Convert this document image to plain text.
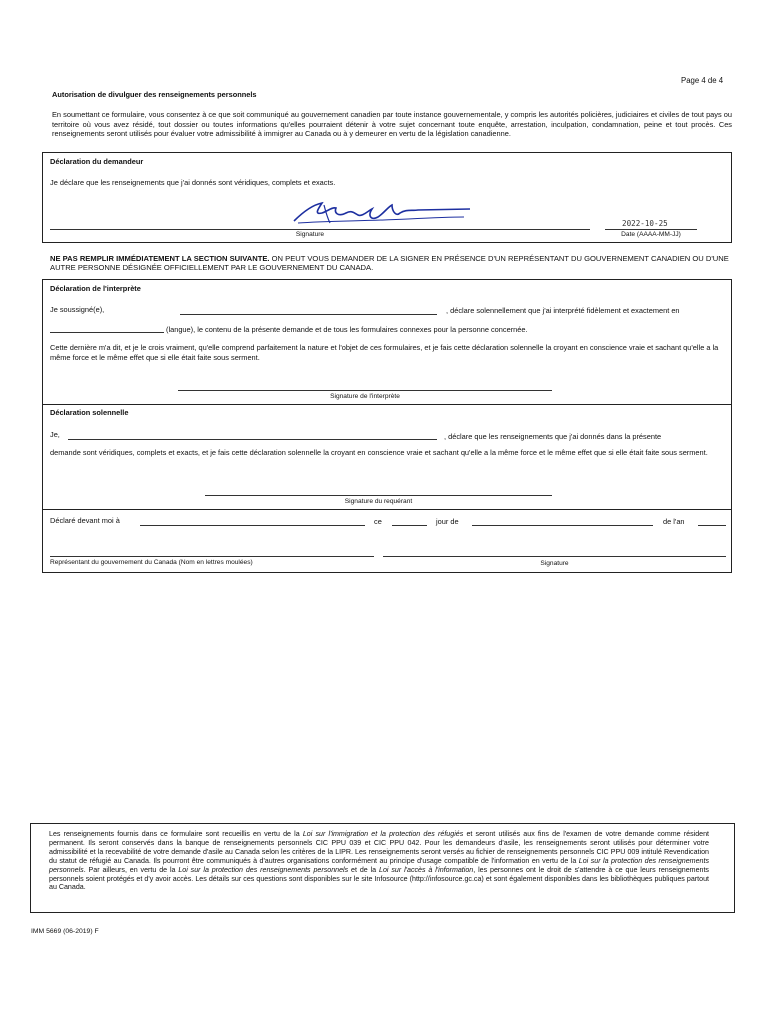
Page 4 de 4
Autorisation de divulguer des renseignements personnels
En soumettant ce formulaire, vous consentez à ce que soit communiqué au gouvernement canadien par toute instance gouvernementale, y compris les autorités policières, judiciaires et civiles de tout pays ou territoire où vous avez résidé, tout dossier ou toutes informations qu'elles pourraient détenir à votre sujet concernant toute enquête, arrestation, inculpation, condamnation, peine et tout procès. Ces renseignements seront utilisés pour évaluer votre admissibilité à immigrer au Canada ou à y demeurer en vertu de la législation canadienne.
Déclaration du demandeur
Je déclare que les renseignements que j'ai donnés sont véridiques, complets et exacts.
Signature
2022-10-25
Date (AAAA-MM-JJ)
NE PAS REMPLIR IMMÉDIATEMENT LA SECTION SUIVANTE. ON PEUT VOUS DEMANDER DE LA SIGNER EN PRÉSENCE D'UN REPRÉSENTANT DU GOUVERNEMENT CANADIEN OU D'UNE AUTRE PERSONNE DÉSIGNÉE OFFICIELLEMENT PAR LE GOUVERNEMENT DU CANADA.
Déclaration de l'interprète
Je soussigné(e),	, déclare solennellement que j'ai interprété fidèlement et exactement en
(langue), le contenu de la présente demande et de tous les formulaires connexes pour la personne concernée.
Cette dernière m'a dit, et je le crois vraiment, qu'elle comprend parfaitement la nature et l'objet de ces formulaires, et je fais cette déclaration solennelle la croyant en conscience vraie et sachant qu'elle a la même force et le même effet que si elle était faite sous serment.
Signature de l'interprète
Déclaration solennelle
Je,	, déclare que les renseignements que j'ai donnés dans la présente
demande sont véridiques, complets et exacts, et je fais cette déclaration solennelle la croyant en conscience vraie et sachant qu'elle a la même force et le même effet que si elle était faite sous serment.
Signature du requérant
Déclaré devant moi à	ce	jour de	de l'an
Représentant du gouvernement du Canada (Nom en lettres moulées)	Signature
Les renseignements fournis dans ce formulaire sont recueillis en vertu de la Loi sur l'immigration et la protection des réfugiés et seront utilisés aux fins de l'examen de votre demande comme résident permanent. Ils seront conservés dans la banque de renseignements personnels CIC PPU 039 et CIC PPU 042. Pour les demandeurs d'asile, les renseignements seront utilisés pour déterminer votre admissibilité et la recevabilité de votre demande d'asile au Canada selon les critères de la LIPR. Les renseignements seront versés au fichier de renseignements personnels CIC PPU 009 intitulé Revendication du statut de réfugié au Canada. Ils pourront être communiqués à d'autres organisations conformément au principe d'usage compatible de l'information en vertu de la Loi sur la protection des renseignements personnels. Par ailleurs, en vertu de la Loi sur la protection des renseignements personnels et de la Loi sur l'accès à l'information, les personnes ont le droit de s'attendre à ce que leurs renseignements personnels soient protégés et d'y avoir accès. Les détails sur ces questions sont disponibles sur le site Infosource (http://infosource.gc.ca) et sont également disponibles dans les bibliothèques publiques partout au Canada.
IMM 5669 (06-2019) F
